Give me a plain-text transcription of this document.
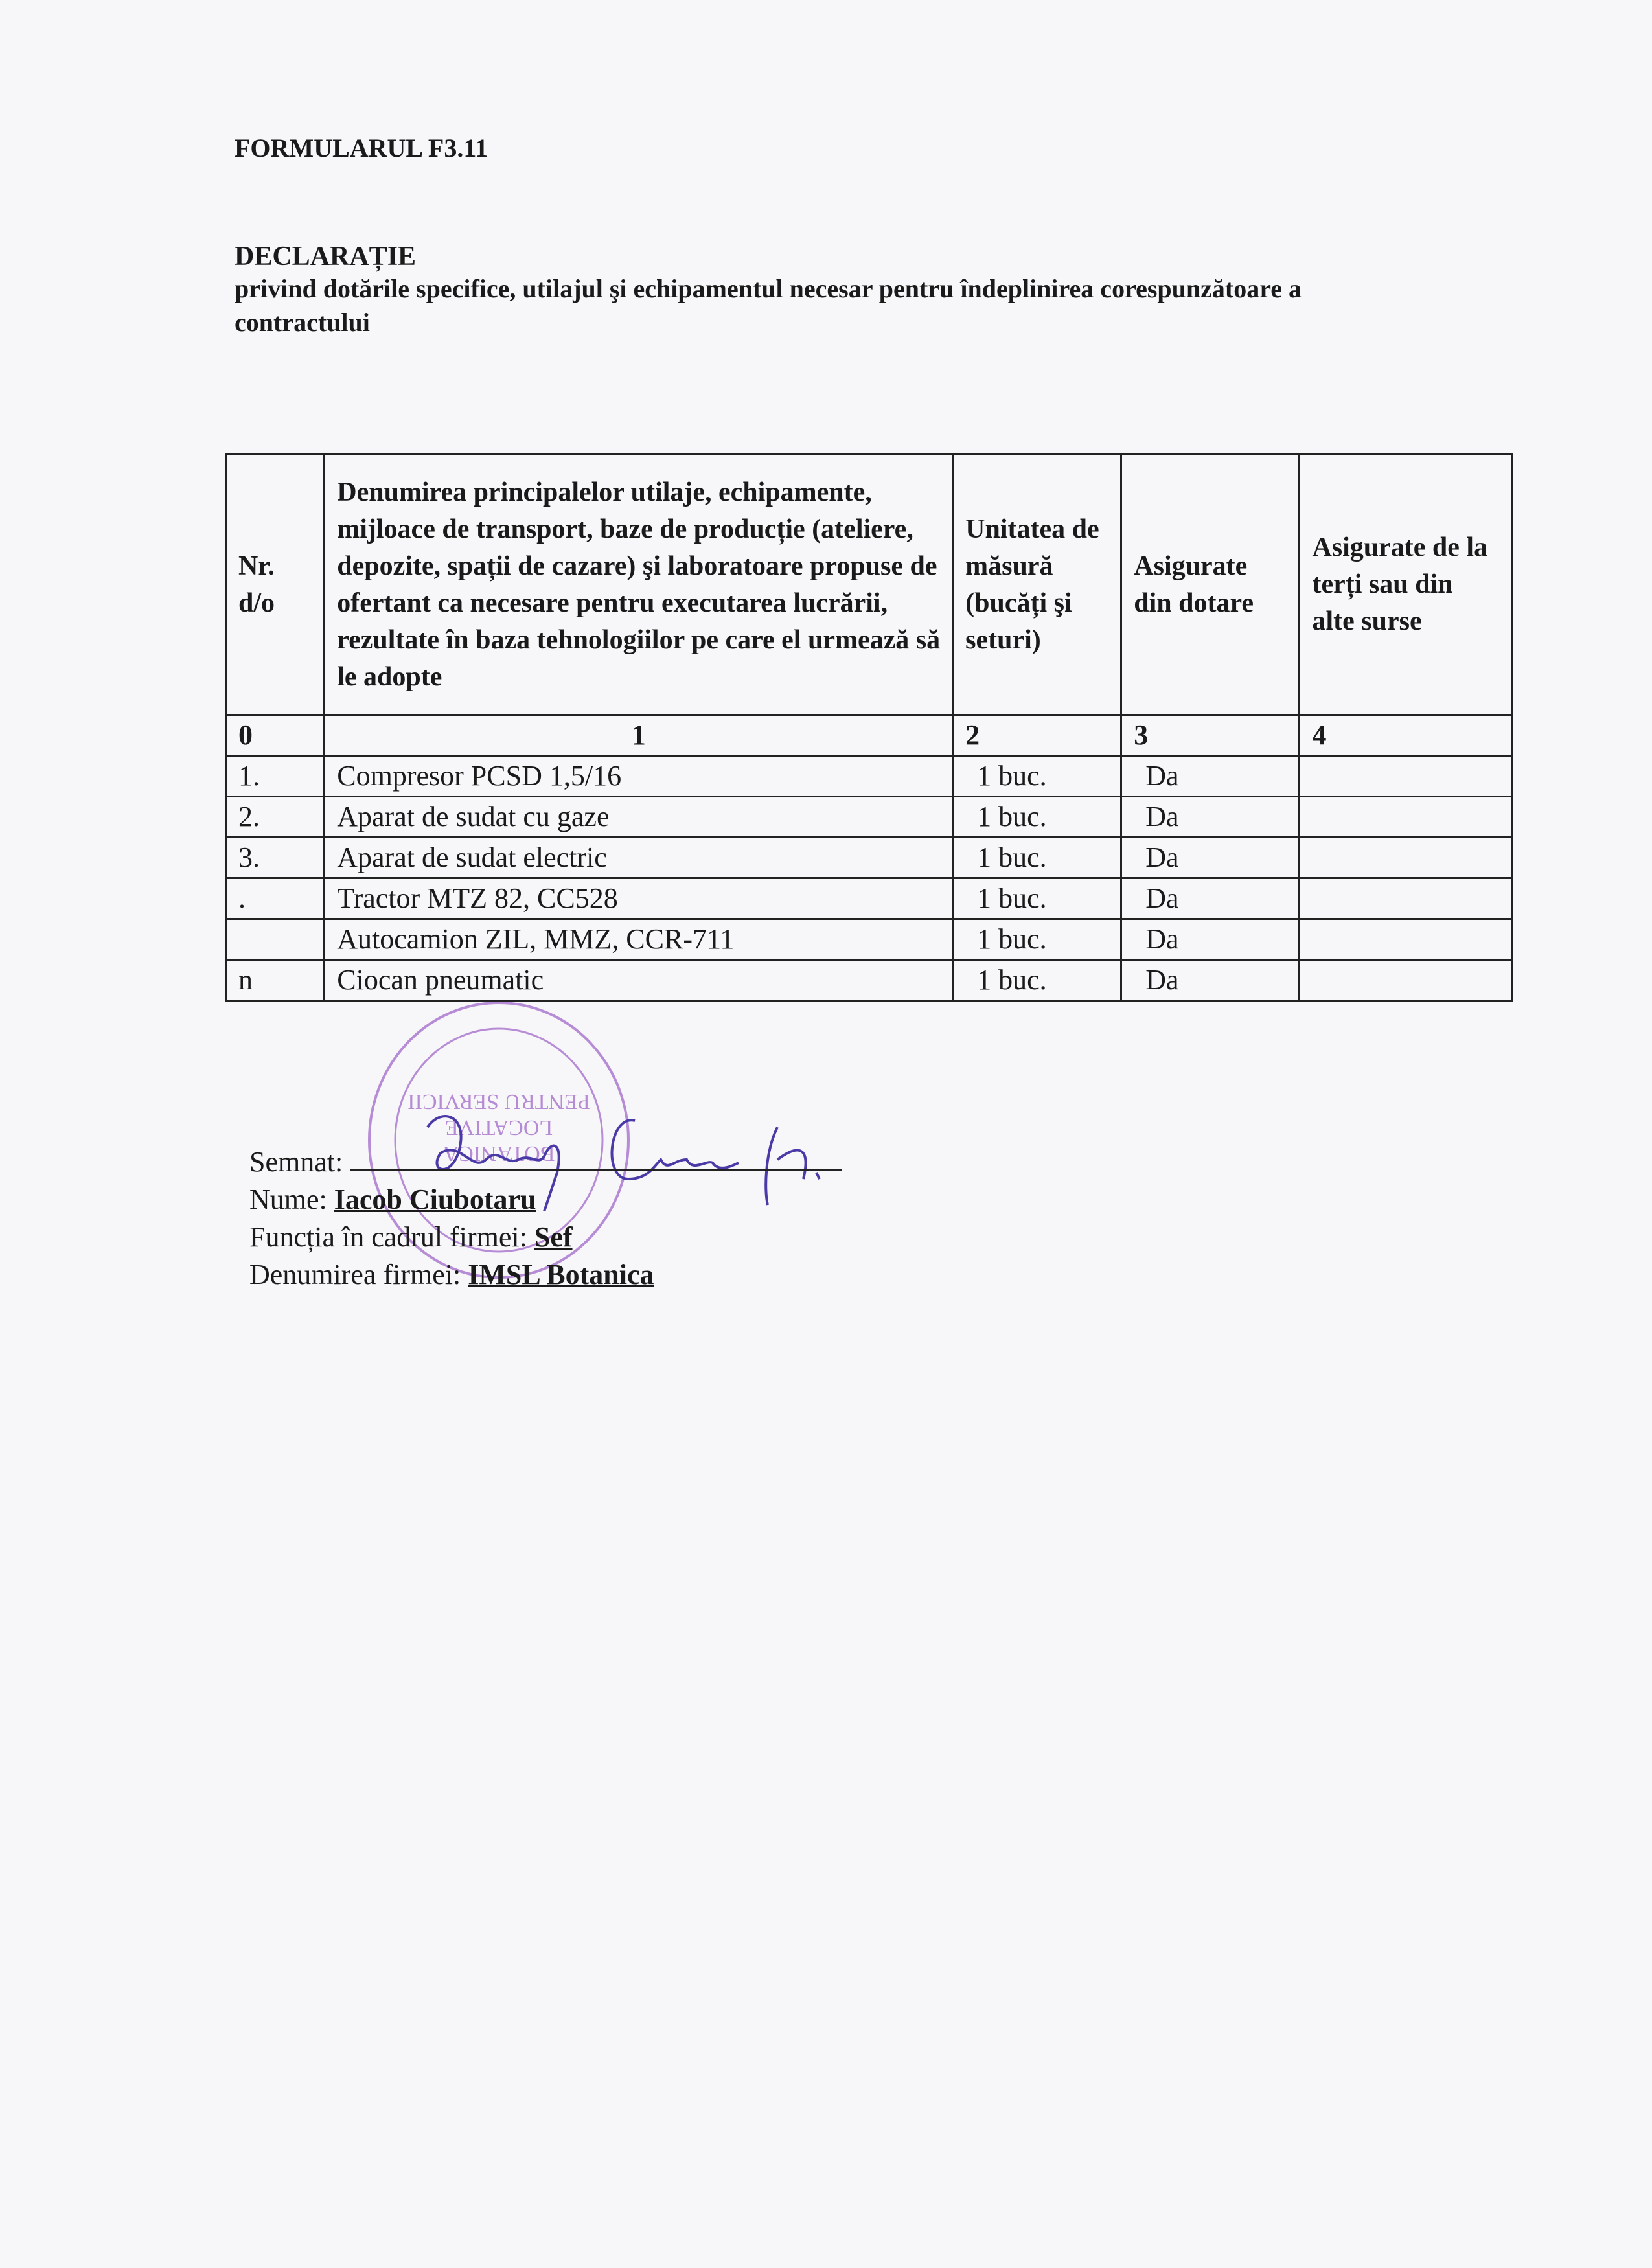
FORMULARUL F3.11
DECLARAȚIE
privind dotările specifice, utilajul şi echipamentul necesar pentru îndeplinirea corespunzătoare a contractului
Nr. d/o	Denumirea principalelor utilaje, echipamente, mijloace de transport, baze de producție (ateliere, depozite, spații de cazare) şi laboratoare propuse de ofertant ca necesare pentru executarea lucrării, rezultate în baza tehnologiilor pe care el urmează să le adopte	Unitatea de măsură (bucăți şi seturi)	Asigurate din dotare	Asigurate de la terți sau din alte surse
0	1	2	3	4
1.	Compresor PCSD 1,5/16	1 buc.	Da	
2.	Aparat de sudat cu gaze	1 buc.	Da	
3.	Aparat de sudat electric	1 buc.	Da	
.	Tractor MTZ 82, CC528	1 buc.	Da	
	Autocamion ZIL, MMZ, CCR-711	1 buc.	Da	
n	Ciocan pneumatic	1 buc.	Da	
BOTANICA
LOCATIVE
PENTRU SERVICII
Semnat:
Nume: Iacob Ciubotaru
Funcția în cadrul firmei: Sef
Denumirea firmei: IMSL Botanica
